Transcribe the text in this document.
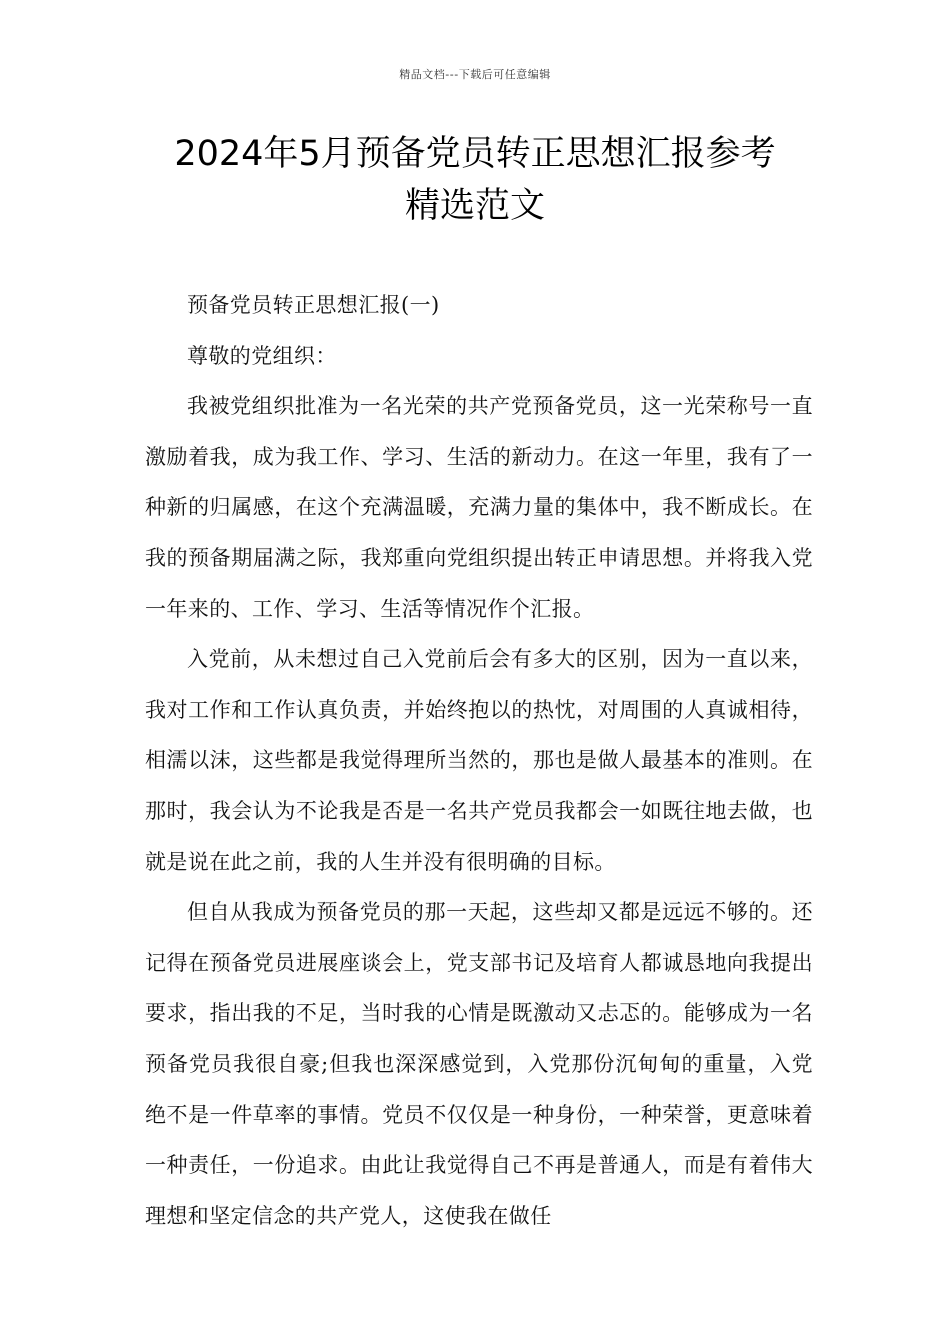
精品文档---下载后可任意编辑
2024年5月预备党员转正思想汇报参考
精选范文

预备党员转正思想汇报(一)

尊敬的党组织：

我被党组织批准为一名光荣的共产党预备党员，这一光荣称号一直激励着我，成为我工作、学习、生活的新动力。在这一年里，我有了一种新的归属感，在这个充满温暖，充满力量的集体中，我不断成长。在我的预备期届满之际，我郑重向党组织提出转正申请思想。并将我入党一年来的、工作、学习、生活等情况作个汇报。

入党前，从未想过自己入党前后会有多大的区别，因为一直以来，我对工作和工作认真负责，并始终抱以的热忱，对周围的人真诚相待，相濡以沫，这些都是我觉得理所当然的，那也是做人最基本的准则。在那时，我会认为不论我是否是一名共产党员我都会一如既往地去做，也就是说在此之前，我的人生并没有很明确的目标。

但自从我成为预备党员的那一天起，这些却又都是远远不够的。还记得在预备党员进展座谈会上，党支部书记及培育人都诚恳地向我提出要求，指出我的不足，当时我的心情是既激动又忐忑的。能够成为一名预备党员我很自豪;但我也深深感觉到，入党那份沉甸甸的重量，入党绝不是一件草率的事情。党员不仅仅是一种身份，一种荣誉，更意味着一种责任，一份追求。由此让我觉得自己不再是普通人，而是有着伟大理想和坚定信念的共产党人，这使我在做任
